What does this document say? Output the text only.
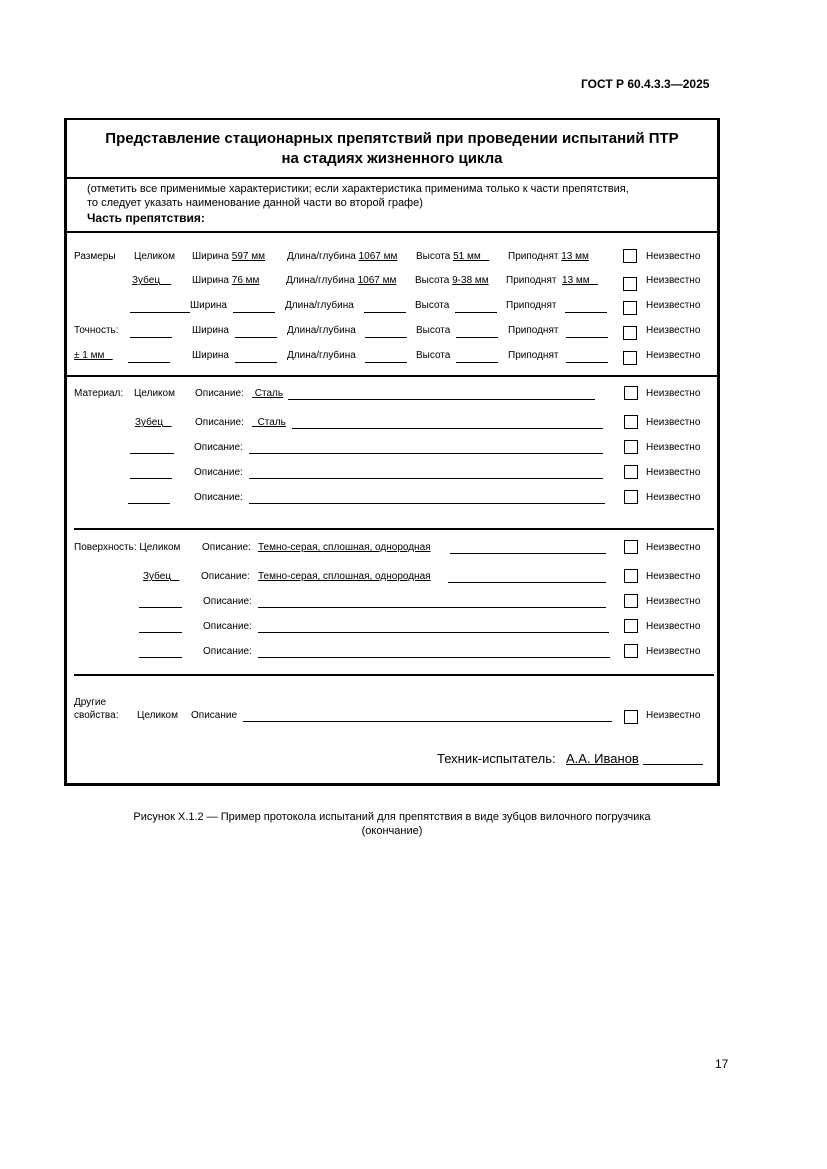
ГОСТ Р 60.4.3.3—2025
Представление стационарных препятствий при проведении испытаний ПТР
на стадиях жизненного цикла
(отметить все применимые характеристики; если характеристика применима только к части препятствия,
то следует указать наименование данной части во второй графе)
Часть препятствия:
Размеры Целиком Ширина 597 мм Длина/глубина 1067 мм Высота 51 мм	Приподнят 13 мм	Неизвестно
Зубец	Ширина 76 мм	Длина/глубина 1067 мм Высота 9-38 мм Приподнят 13 мм	Неизвестно
Ширина	Длина/глубина	Высота	Приподнят	Неизвестно
Точность:	Ширина	Длина/глубина	Высота	Приподнят	Неизвестно
± 1 мм	Ширина	Длина/глубина	Высота	Приподнят	Неизвестно
Материал: Целиком Описание: Сталь	Неизвестно
Зубец	Описание:	Сталь	Неизвестно
Описание:	Неизвестно
Описание:	Неизвестно
Описание:	Неизвестно
Поверхность: Целиком Описание: Темно-серая, сплошная, однородная	Неизвестно
Зубец	Описание: Темно-серая, сплошная, однородная	Неизвестно
Описание:	Неизвестно
Описание:	Неизвестно
Описание:	Неизвестно
Другие
свойства: Целиком Описание	Неизвестно
Техник-испытатель: А.А. Иванов
Рисунок Х.1.2 — Пример протокола испытаний для препятствия в виде зубцов вилочного погрузчика
(окончание)
17
